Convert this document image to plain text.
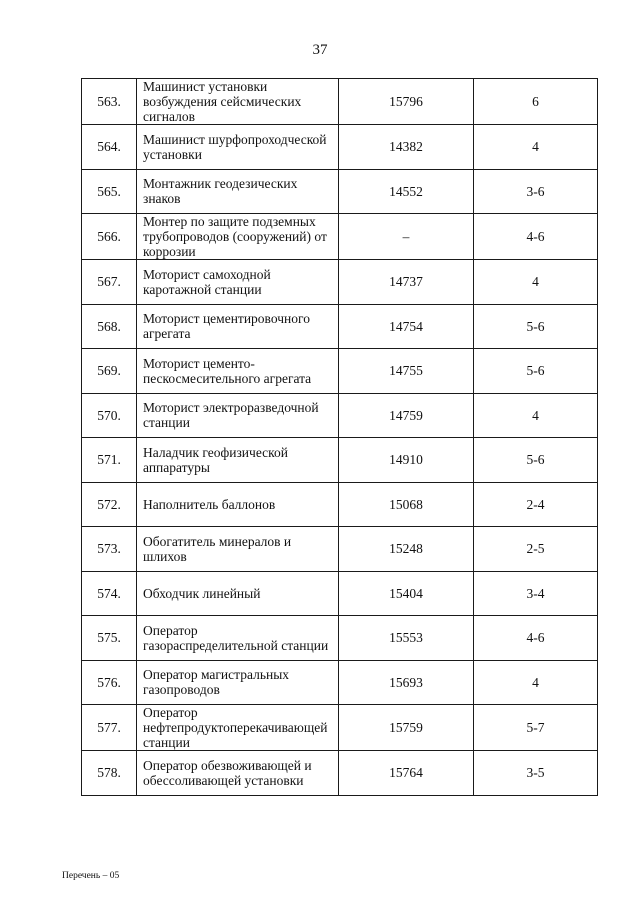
37
563.	Машинист установки возбуждения сейсмических сигналов	15796	6
564.	Машинист шурфопроходческой установки	14382	4
565.	Монтажник геодезических знаков	14552	3-6
566.	Монтер по защите подземных трубопроводов (сооружений) от коррозии	–	4-6
567.	Моторист самоходной каротажной станции	14737	4
568.	Моторист цементировочного агрегата	14754	5-6
569.	Моторист цементо-пескосмесительного агрегата	14755	5-6
570.	Моторист электроразведочной станции	14759	4
571.	Наладчик геофизической аппаратуры	14910	5-6
572.	Наполнитель баллонов	15068	2-4
573.	Обогатитель минералов и шлихов	15248	2-5
574.	Обходчик линейный	15404	3-4
575.	Оператор газораспределительной станции	15553	4-6
576.	Оператор магистральных газопроводов	15693	4
577.	Оператор нефтепродуктоперекачивающей станции	15759	5-7
578.	Оператор обезвоживающей и обессоливающей установки	15764	3-5
Перечень – 05
